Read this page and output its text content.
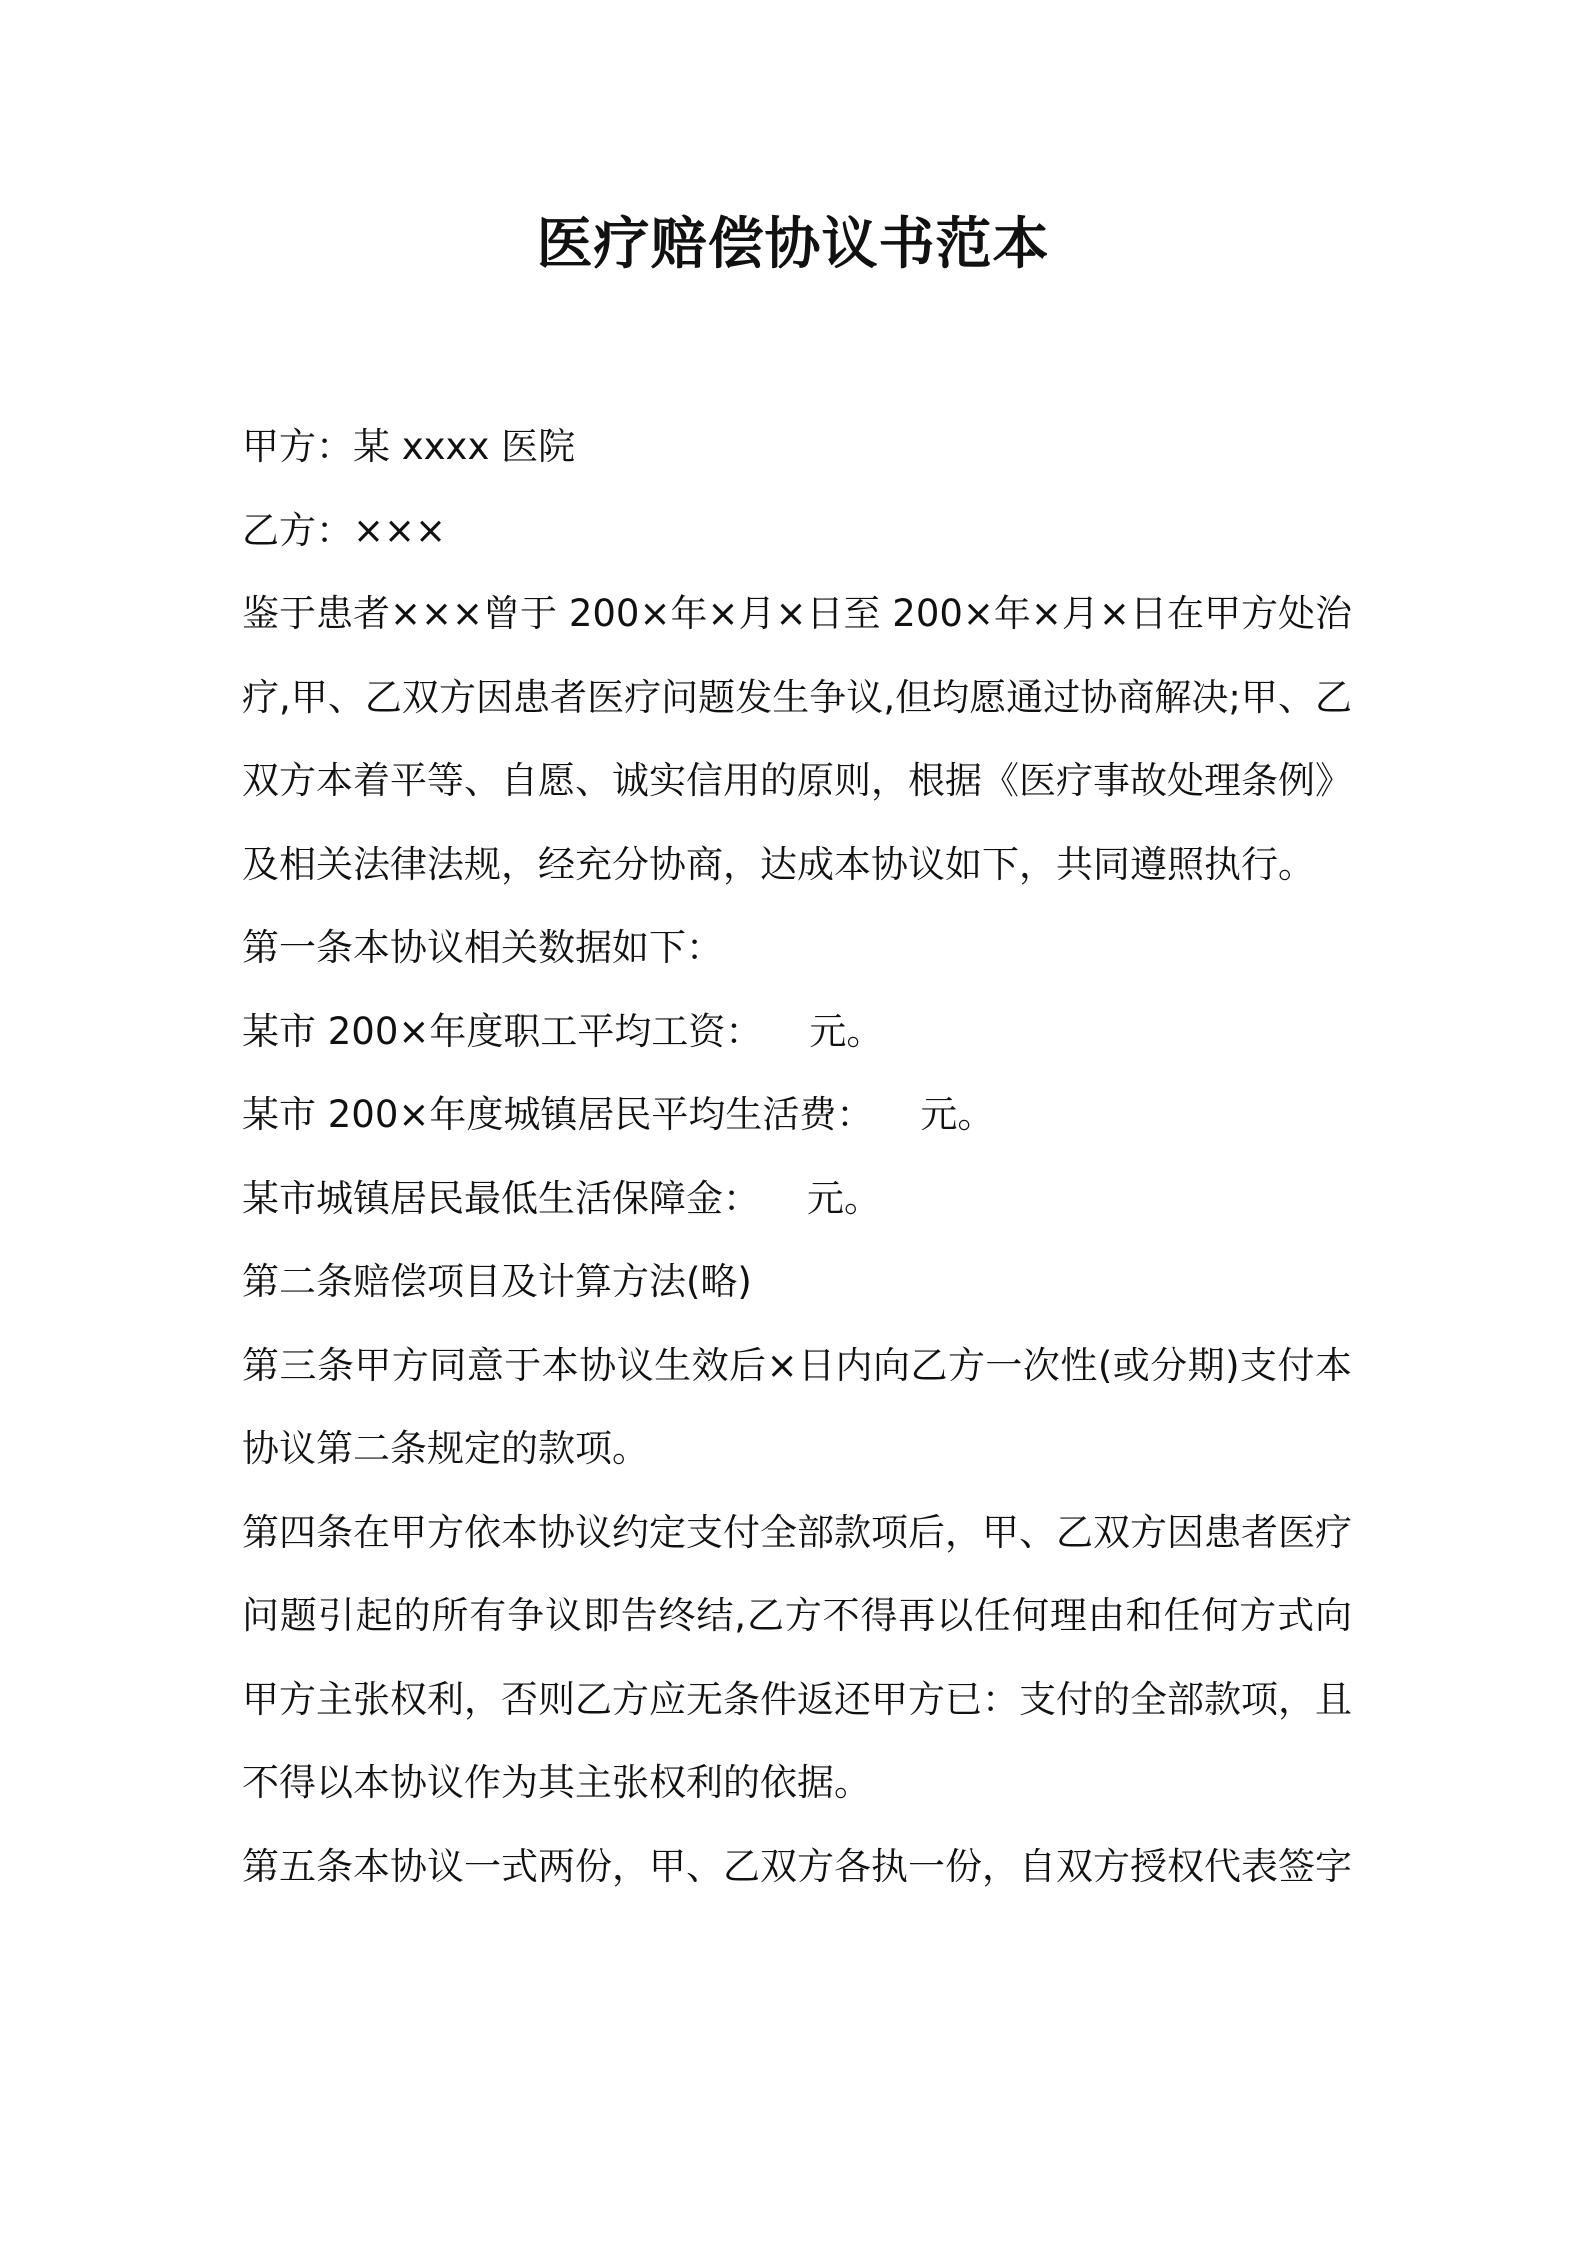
医疗赔偿协议书范本
甲方：某 xxxx 医院
乙方：×××
鉴于患者×××曾于 200×年×月×日至 200×年×月×日在甲方处治疗,甲、乙双方因患者医疗问题发生争议,但均愿通过协商解决;甲、乙双方本着平等、自愿、诚实信用的原则，根据《医疗事故处理条例》及相关法律法规，经充分协商，达成本协议如下，共同遵照执行。
第一条本协议相关数据如下：
某市 200×年度职工平均工资：    元。
某市 200×年度城镇居民平均生活费：    元。
某市城镇居民最低生活保障金：    元。
第二条赔偿项目及计算方法(略)
第三条甲方同意于本协议生效后×日内向乙方一次性(或分期)支付本协议第二条规定的款项。
第四条在甲方依本协议约定支付全部款项后，甲、乙双方因患者医疗问题引起的所有争议即告终结,乙方不得再以任何理由和任何方式向甲方主张权利，否则乙方应无条件返还甲方已：支付的全部款项，且不得以本协议作为其主张权利的依据。
第五条本协议一式两份，甲、乙双方各执一份，自双方授权代表签字
